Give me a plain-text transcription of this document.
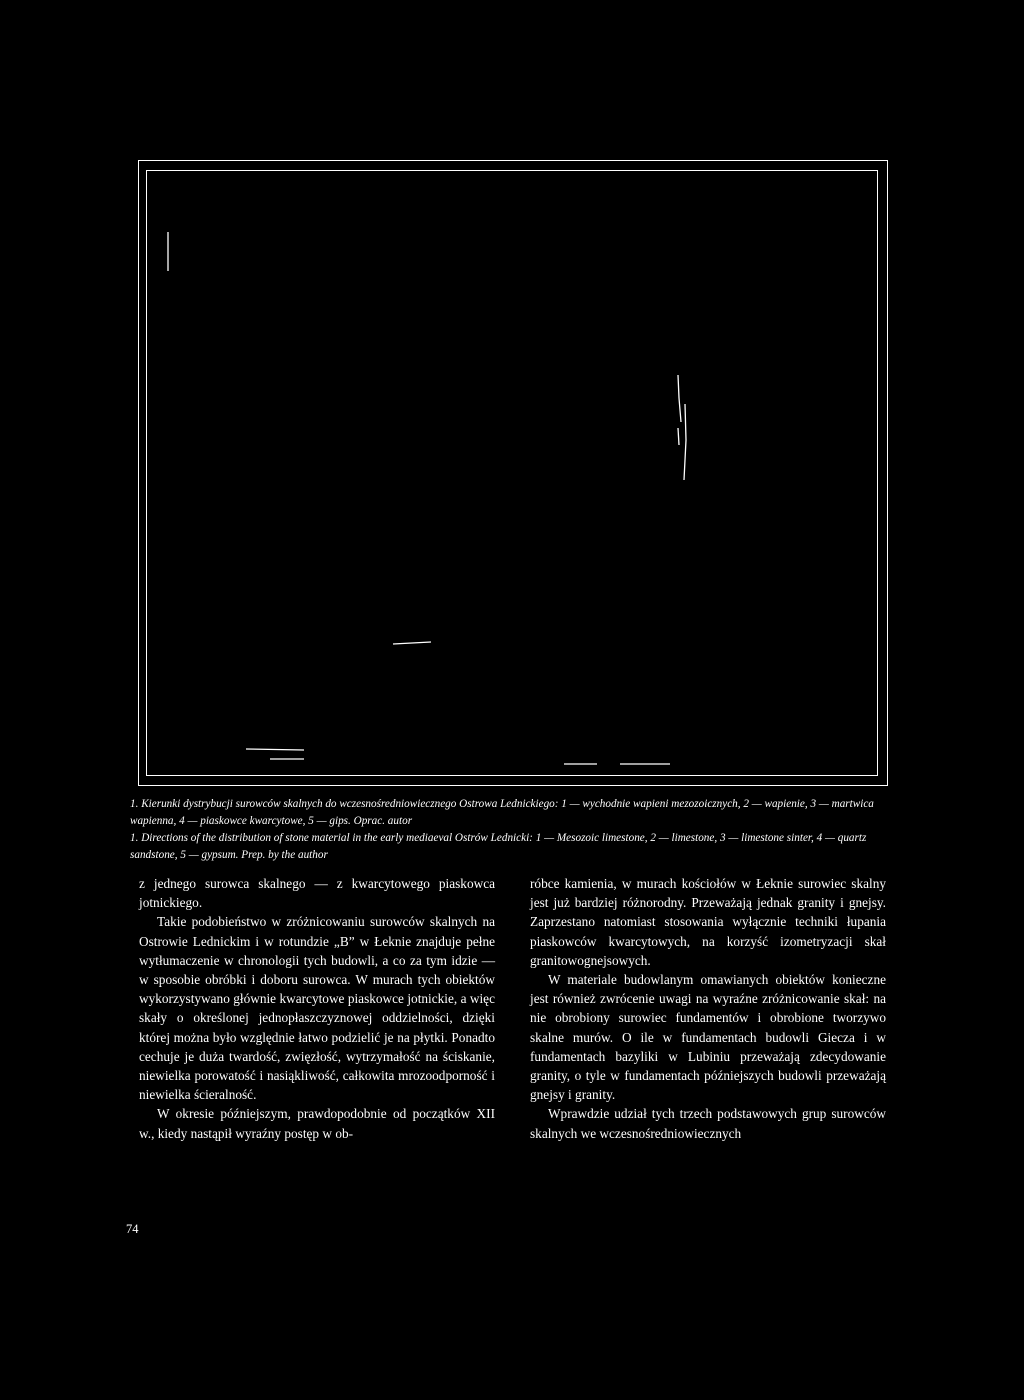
1. Kierunki dystrybucji surowców skalnych do wczesnośredniowiecznego Ostrowa Lednickiego: 1 — wychodnie wapieni mezozoicznych, 2 — wapienie, 3 — martwica wapienna, 4 — piaskowce kwarcytowe, 5 — gips. Oprac. autor

1. Directions of the distribution of stone material in the early mediaeval Ostrów Lednicki: 1 — Mesozoic limestone, 2 — limestone, 3 — limestone sinter, 4 — quartz sandstone, 5 — gypsum. Prep. by the author

z jednego surowca skalnego — z kwarcytowego piaskowca jotnickiego.

Takie podobieństwo w zróżnicowaniu surowców skalnych na Ostrowie Lednickim i w rotundzie „B” w Łeknie znajduje pełne wytłumaczenie w chronologii tych budowli, a co za tym idzie — w sposobie obróbki i doboru surowca. W murach tych obiektów wykorzystywano głównie kwarcytowe piaskowce jotnickie, a więc skały o określonej jednopłaszczyznowej oddzielności, dzięki której można było względnie łatwo podzielić je na płytki. Ponadto cechuje je duża twardość, zwięzłość, wytrzymałość na ściskanie, niewielka porowatość i nasiąkliwość, całkowita mrozoodporność i niewielka ścieralność.

W okresie późniejszym, prawdopodobnie od początków XII w., kiedy nastąpił wyraźny postęp w ob-

róbce kamienia, w murach kościołów w Łeknie surowiec skalny jest już bardziej różnorodny. Przeważają jednak granity i gnejsy. Zaprzestano natomiast stosowania wyłącznie techniki łupania piaskowców kwarcytowych, na korzyść izometryzacji skał granitowognejsowych.

W materiale budowlanym omawianych obiektów konieczne jest również zwrócenie uwagi na wyraźne zróżnicowanie skał: na nie obrobiony surowiec fundamentów i obrobione tworzywo skalne murów. O ile w fundamentach budowli Giecza i w fundamentach bazyliki w Lubiniu przeważają zdecydowanie granity, o tyle w fundamentach późniejszych budowli przeważają gnejsy i granity.

Wprawdzie udział tych trzech podstawowych grup surowców skalnych we wczesnośredniowiecznych

74
